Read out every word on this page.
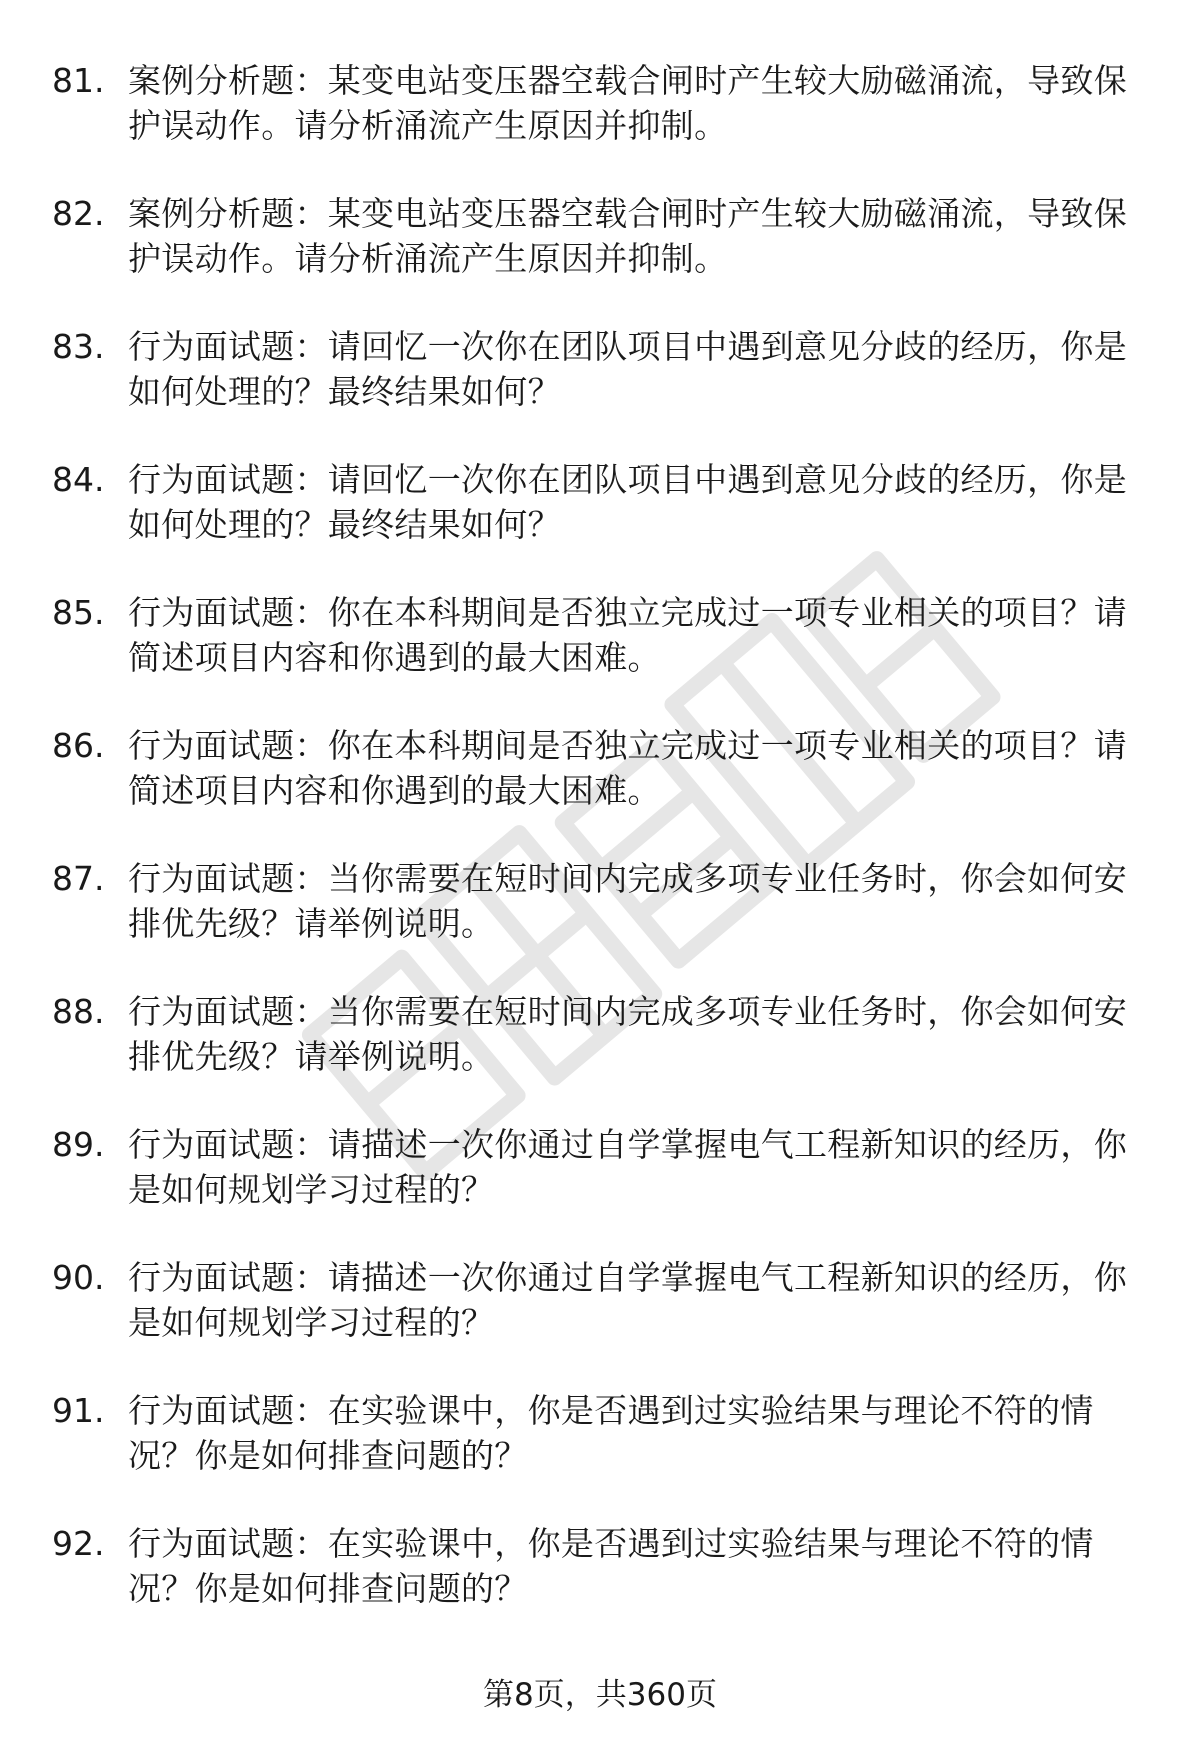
81. 案例分析题：某变电站变压器空载合闸时产生较大励磁涌流，导致保护误动作。请分析涌流产生原因并抑制。
82. 案例分析题：某变电站变压器空载合闸时产生较大励磁涌流，导致保护误动作。请分析涌流产生原因并抑制。
83. 行为面试题：请回忆一次你在团队项目中遇到意见分歧的经历，你是如何处理的？最终结果如何？
84. 行为面试题：请回忆一次你在团队项目中遇到意见分歧的经历，你是如何处理的？最终结果如何？
85. 行为面试题：你在本科期间是否独立完成过一项专业相关的项目？请简述项目内容和你遇到的最大困难。
86. 行为面试题：你在本科期间是否独立完成过一项专业相关的项目？请简述项目内容和你遇到的最大困难。
87. 行为面试题：当你需要在短时间内完成多项专业任务时，你会如何安排优先级？请举例说明。
88. 行为面试题：当你需要在短时间内完成多项专业任务时，你会如何安排优先级？请举例说明。
89. 行为面试题：请描述一次你通过自学掌握电气工程新知识的经历，你是如何规划学习过程的？
90. 行为面试题：请描述一次你通过自学掌握电气工程新知识的经历，你是如何规划学习过程的？
91. 行为面试题：在实验课中，你是否遇到过实验结果与理论不符的情况？你是如何排查问题的？
92. 行为面试题：在实验课中，你是否遇到过实验结果与理论不符的情况？你是如何排查问题的？
第8页，共360页
